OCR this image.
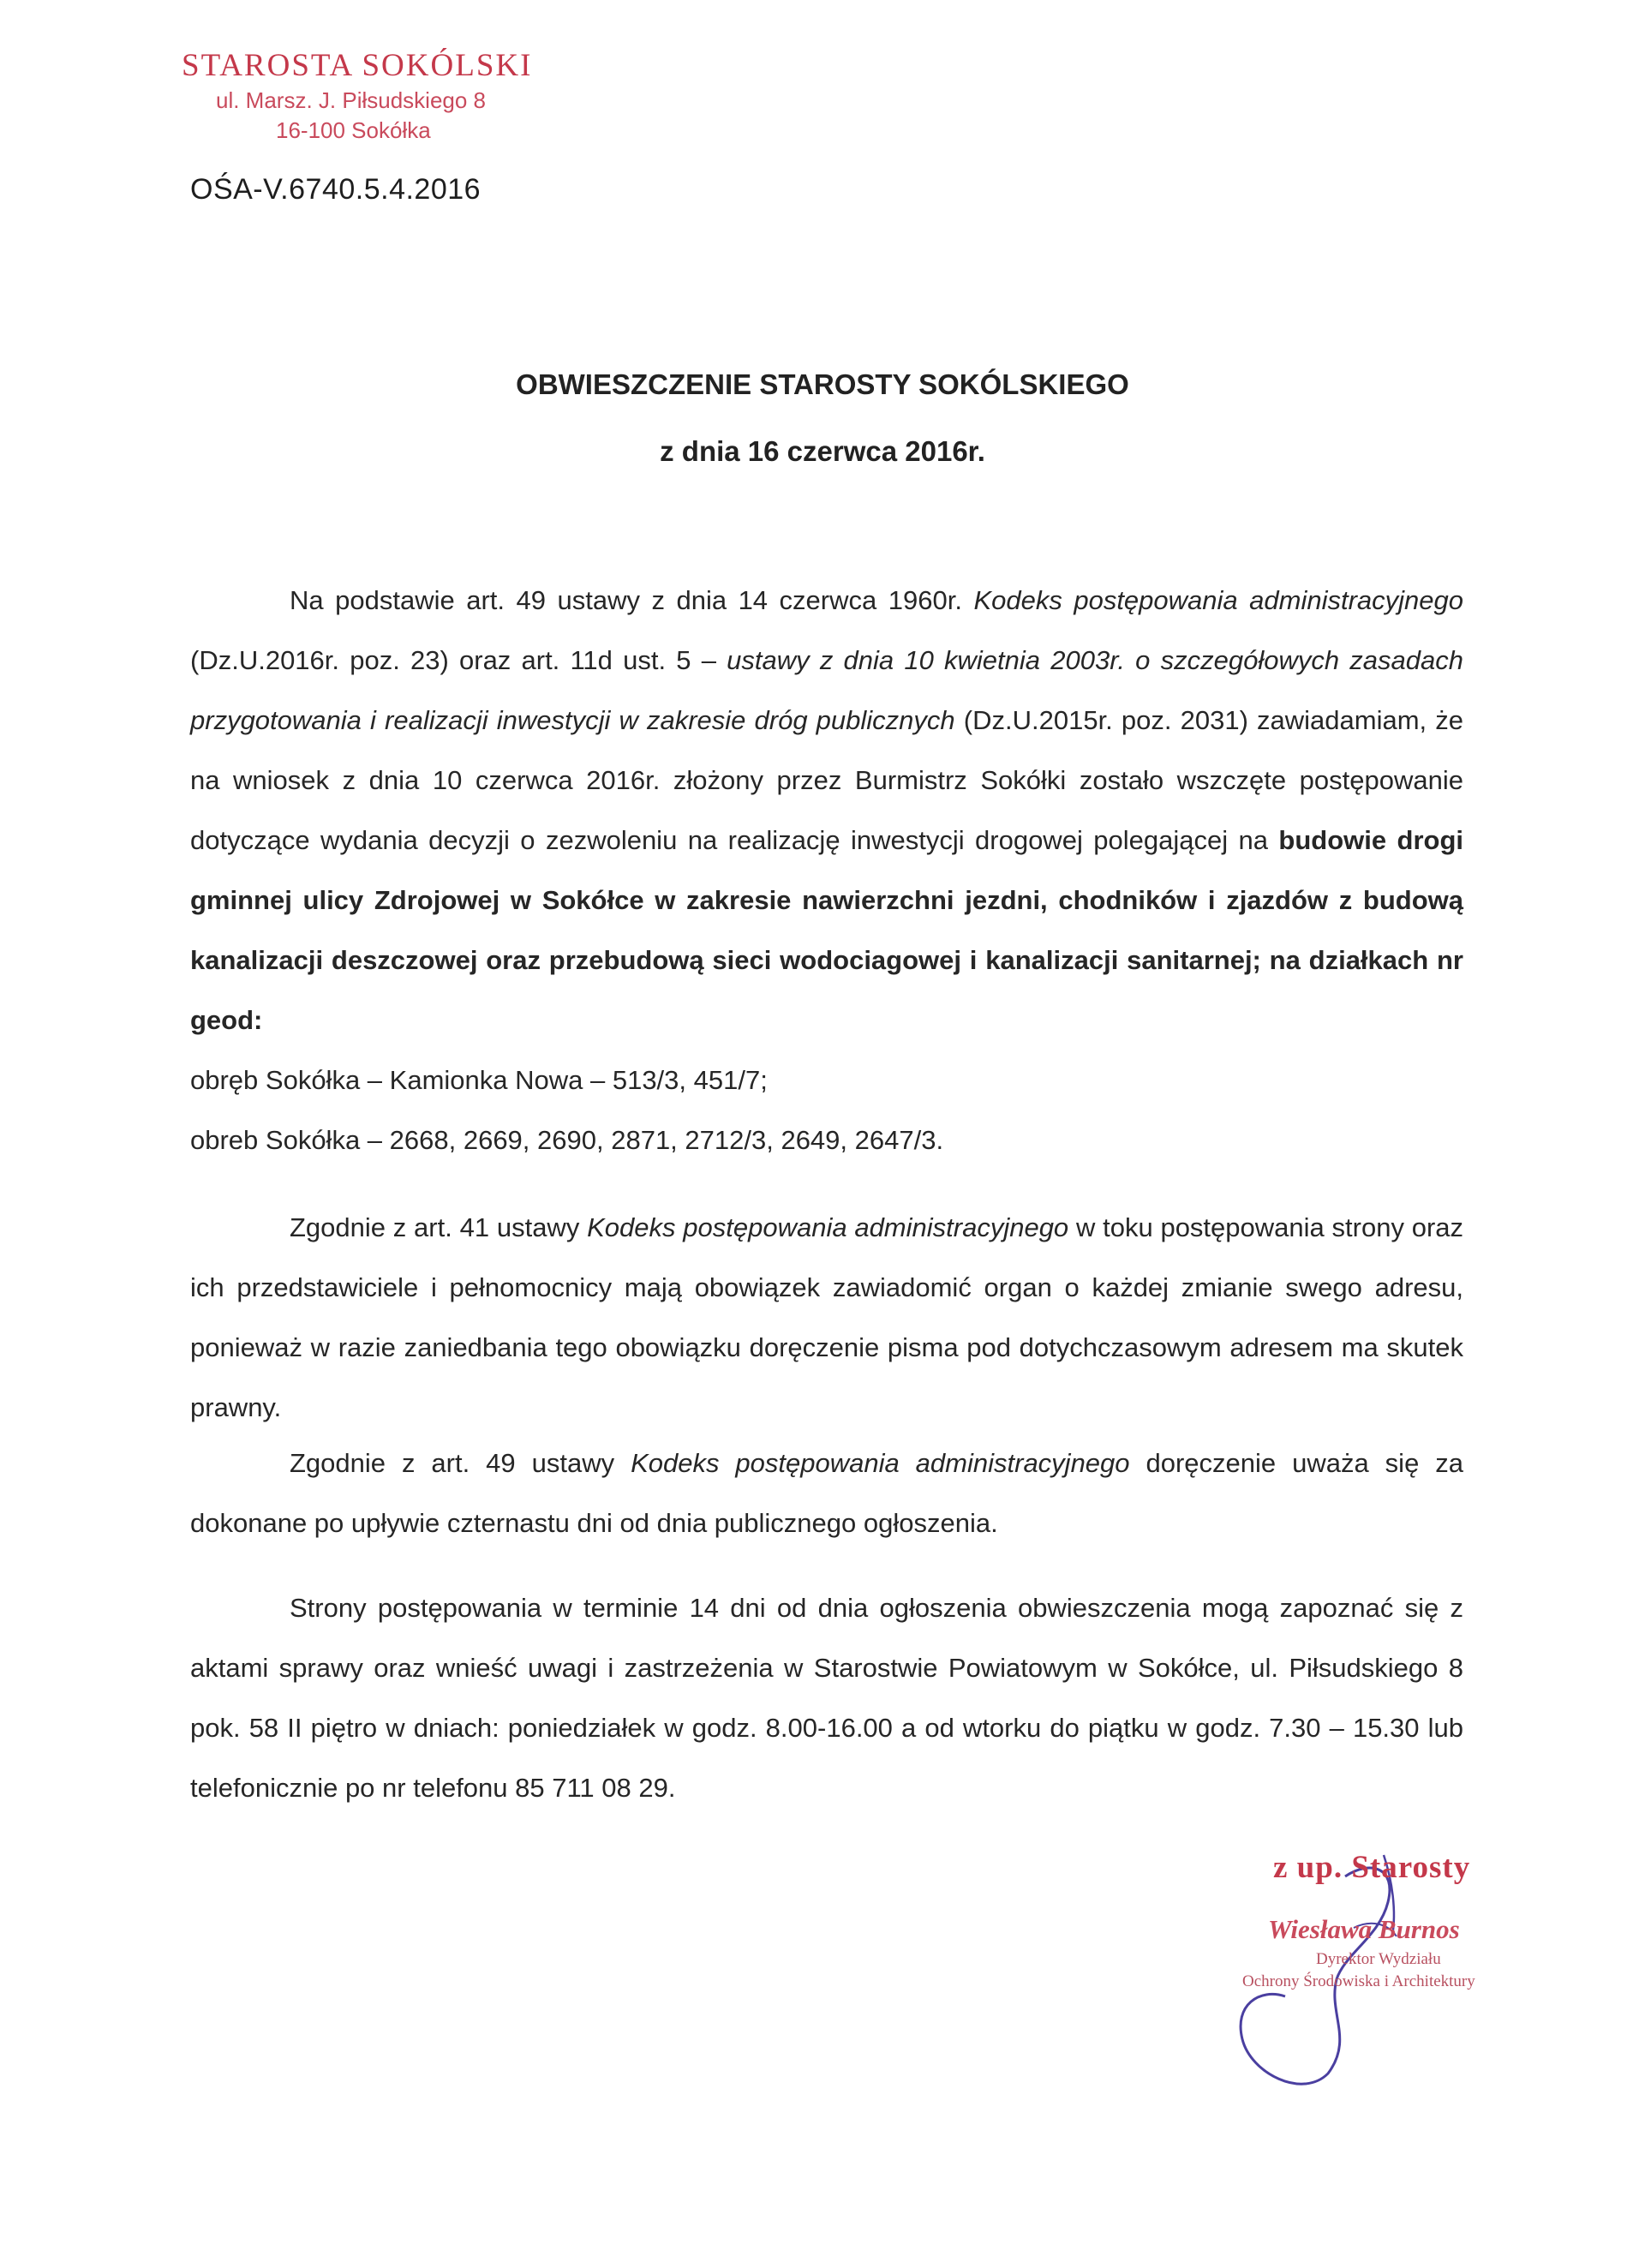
STAROSTA SOKÓLSKI
ul. Marsz. J. Piłsudskiego 8
16-100 Sokółka
OŚA-V.6740.5.4.2016
OBWIESZCZENIE STAROSTY SOKÓLSKIEGO
z dnia 16 czerwca 2016r.
Na podstawie art. 49 ustawy z dnia 14 czerwca 1960r. Kodeks postępowania administracyjnego (Dz.U.2016r. poz. 23) oraz art. 11d ust. 5 – ustawy z dnia 10 kwietnia 2003r. o szczegółowych zasadach przygotowania i realizacji inwestycji w zakresie dróg publicznych (Dz.U.2015r. poz. 2031) zawiadamiam, że na wniosek z dnia 10 czerwca 2016r. złożony przez Burmistrz Sokółki zostało wszczęte postępowanie dotyczące wydania decyzji o zezwoleniu na realizację inwestycji drogowej polegającej na budowie drogi gminnej ulicy Zdrojowej w Sokółce w zakresie nawierzchni jezdni, chodników i zjazdów z budową kanalizacji deszczowej oraz przebudową sieci wodociagowej i kanalizacji sanitarnej; na działkach nr geod:
obręb Sokółka – Kamionka Nowa – 513/3, 451/7;
obreb Sokółka – 2668, 2669, 2690, 2871, 2712/3, 2649, 2647/3.
Zgodnie z art. 41 ustawy Kodeks postępowania administracyjnego w toku postępowania strony oraz ich przedstawiciele i pełnomocnicy mają obowiązek zawiadomić organ o każdej zmianie swego adresu, ponieważ w razie zaniedbania tego obowiązku doręczenie pisma pod dotychczasowym adresem ma skutek prawny.
Zgodnie z art. 49 ustawy Kodeks postępowania administracyjnego doręczenie uważa się za dokonane po upływie czternastu dni od dnia publicznego ogłoszenia.
Strony postępowania w terminie 14 dni od dnia ogłoszenia obwieszczenia mogą zapoznać się z aktami sprawy oraz wnieść uwagi i zastrzeżenia w Starostwie Powiatowym w Sokółce, ul. Piłsudskiego 8 pok. 58 II piętro w dniach: poniedziałek w godz. 8.00-16.00 a od wtorku do piątku w godz. 7.30 – 15.30 lub telefonicznie po nr telefonu 85 711 08 29.
z up. Starosty
Wiesława Burnos
Dyrektor Wydziału
Ochrony Środowiska i Architektury
